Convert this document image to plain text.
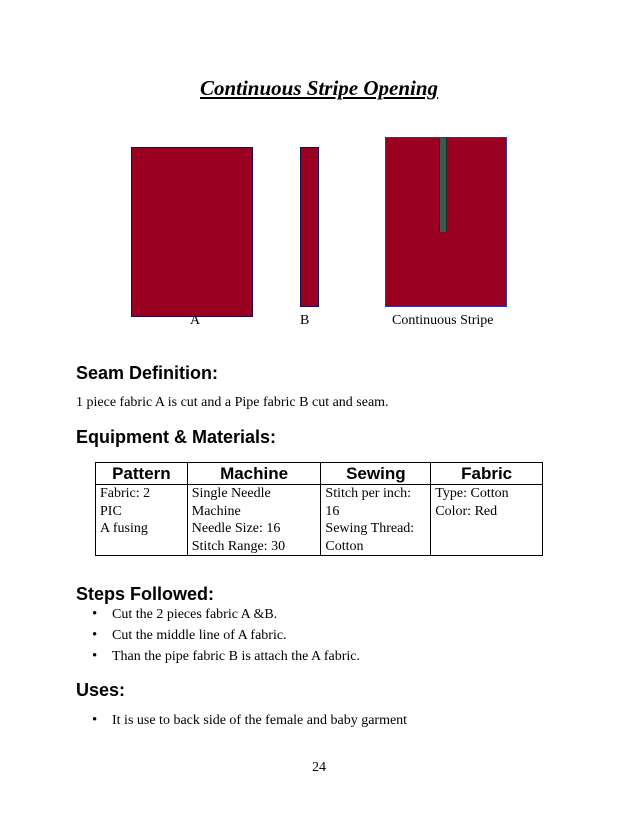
Continuous Stripe Opening
A	B	Continuous Stripe
Seam Definition:
1 piece fabric A is cut and a Pipe fabric B cut and seam.
Equipment & Materials:
Pattern	Machine	Sewing	Fabric

Fabric: 2
PIC
A fusing	Single Needle
Machine
Needle Size: 16
Stitch Range: 30	Stitch per inch:
16
Sewing Thread:
Cotton	Type: Cotton
Color: Red
Steps Followed:
• Cut the 2 pieces fabric A &B.
• Cut the middle line of A fabric.
• Than the pipe fabric B is attach the A fabric.
Uses:
• It is use to back side of the female and baby garment
24
